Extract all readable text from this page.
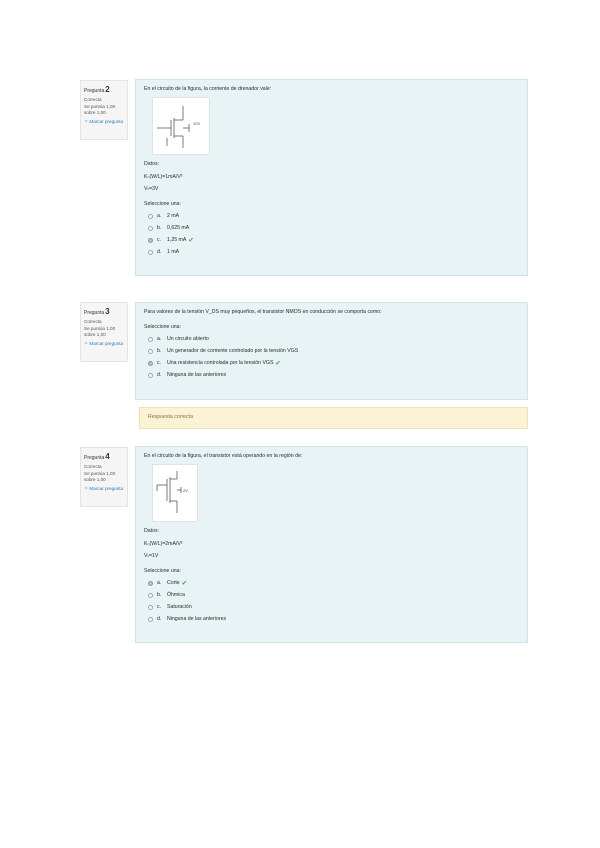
Pregunta2
Correcta
Se puntúa 1,00 sobre 1,00
⚑ Marcar pregunta
En el circuito de la figura, la corriente de drenador vale:
10V
Datos:
Kₙ(W/L)=1mA/V²
Vₜ=3V
Seleccione una:
a.	2 mA
b.	0,625 mA
c.	1,25 mA ✔
d.	1 mA
Pregunta3
Correcta
Se puntúa 1,00 sobre 1,00
⚑ Marcar pregunta
Para valores de la tensión V_DS muy pequeños, el transistor NMOS en conducción se comporta como:
Seleccione una:
a.	Un circuito abierto
b.	Un generador de corriente controlado por la tensión VGS
c.	Una resistencia controlada por la tensión VGS ✔
d.	Ninguna de las anteriores
Respuesta correcta
Pregunta4
Correcta
Se puntúa 1,00 sobre 1,00
⚑ Marcar pregunta
En el circuito de la figura, el transistor está operando en la región de:
2V
Datos:
Kₙ(W/L)=2mA/V²
Vₜ=1V
Seleccione una:
a.	Corte ✔
b.	Óhmica
c.	Saturación
d.	Ninguna de las anteriores
